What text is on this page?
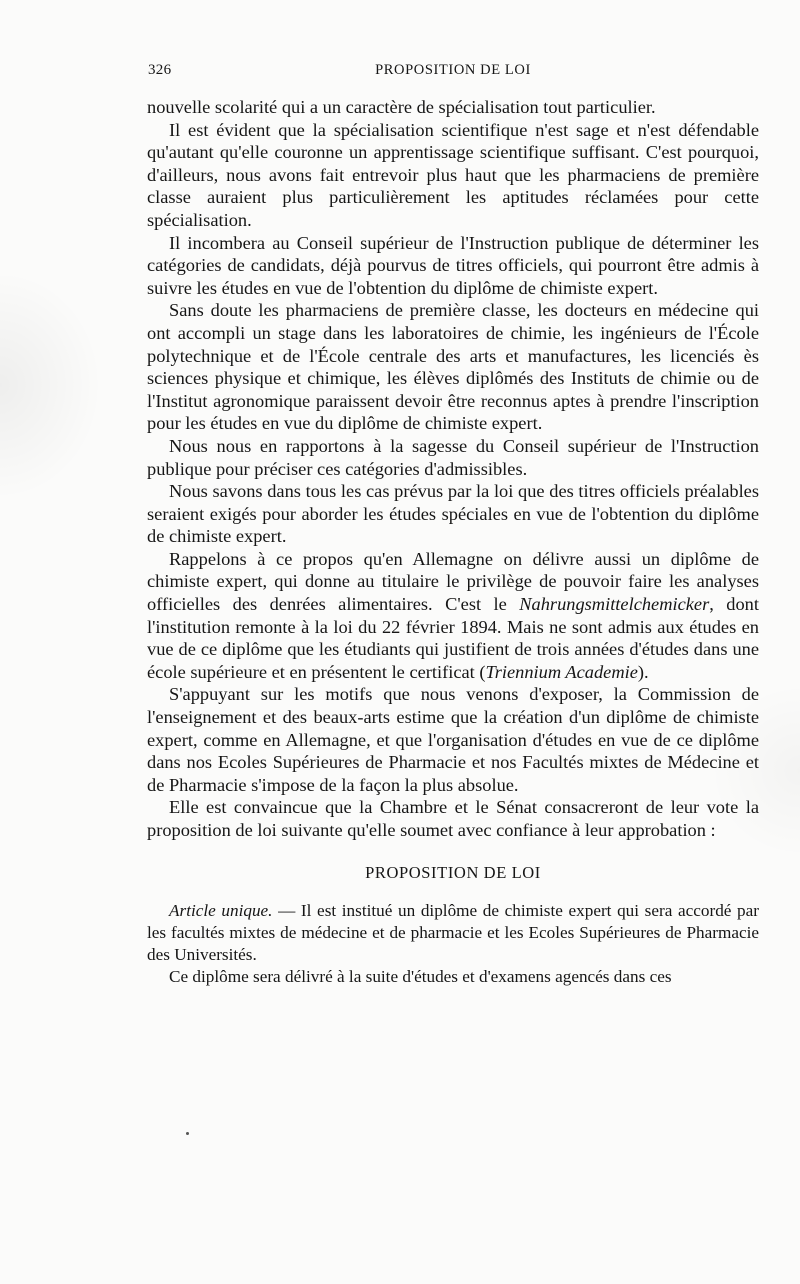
326	PROPOSITION DE LOI

nouvelle scolarité qui a un caractère de spécialisation tout particulier.

Il est évident que la spécialisation scientifique n'est sage et n'est défendable qu'autant qu'elle couronne un apprentissage scientifique suffisant. C'est pourquoi, d'ailleurs, nous avons fait entrevoir plus haut que les pharmaciens de première classe auraient plus particulièrement les aptitudes réclamées pour cette spécialisation.

Il incombera au Conseil supérieur de l'Instruction publique de déterminer les catégories de candidats, déjà pourvus de titres officiels, qui pourront être admis à suivre les études en vue de l'obtention du diplôme de chimiste expert.

Sans doute les pharmaciens de première classe, les docteurs en médecine qui ont accompli un stage dans les laboratoires de chimie, les ingénieurs de l'École polytechnique et de l'École centrale des arts et manufactures, les licenciés ès sciences physique et chimique, les élèves diplômés des Instituts de chimie ou de l'Institut agronomique paraissent devoir être reconnus aptes à prendre l'inscription pour les études en vue du diplôme de chimiste expert.

Nous nous en rapportons à la sagesse du Conseil supérieur de l'Instruction publique pour préciser ces catégories d'admissibles.

Nous savons dans tous les cas prévus par la loi que des titres officiels préalables seraient exigés pour aborder les études spéciales en vue de l'obtention du diplôme de chimiste expert.

Rappelons à ce propos qu'en Allemagne on délivre aussi un diplôme de chimiste expert, qui donne au titulaire le privilège de pouvoir faire les analyses officielles des denrées alimentaires. C'est le Nahrungsmittelchemicker, dont l'institution remonte à la loi du 22 février 1894. Mais ne sont admis aux études en vue de ce diplôme que les étudiants qui justifient de trois années d'études dans une école supérieure et en présentent le certificat (Triennium Academie).

S'appuyant sur les motifs que nous venons d'exposer, la Commission de l'enseignement et des beaux-arts estime que la création d'un diplôme de chimiste expert, comme en Allemagne, et que l'organisation d'études en vue de ce diplôme dans nos Ecoles Supérieures de Pharmacie et nos Facultés mixtes de Médecine et de Pharmacie s'impose de la façon la plus absolue.

Elle est convaincue que la Chambre et le Sénat consacreront de leur vote la proposition de loi suivante qu'elle soumet avec confiance à leur approbation :

PROPOSITION DE LOI

Article unique. — Il est institué un diplôme de chimiste expert qui sera accordé par les facultés mixtes de médecine et de pharmacie et les Ecoles Supérieures de Pharmacie des Universités.

Ce diplôme sera délivré à la suite d'études et d'examens agencés dans ces
